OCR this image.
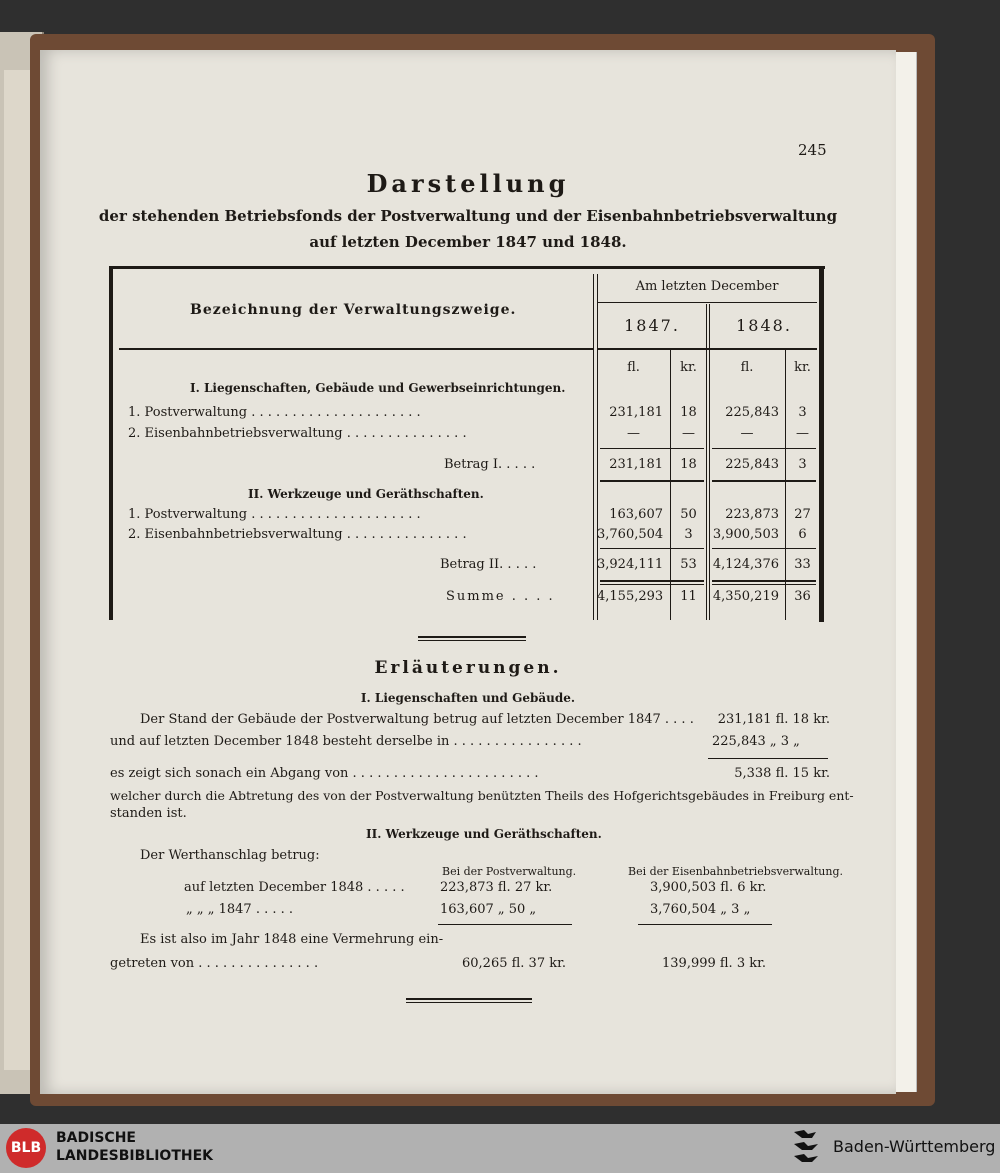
245
Darstellung
der stehenden Betriebsfonds der Postverwaltung und der Eisenbahnbetriebsverwaltung
auf letzten December 1847 und 1848.
Bezeichnung der Verwaltungszweige.
Am letzten December
1847.	1848.
fl.	kr.	fl.	kr.
I. Liegenschaften, Gebäude und Gewerbseinrichtungen.
1. Postverwaltung . . . . . . . . . . . . . . . . . . . . .	231,181	18	225,843	3
2. Eisenbahnbetriebsverwaltung . . . . . . . . . . . . . . .	—	—	—	—
Betrag I. . . . .	231,181	18	225,843	3
II. Werkzeuge und Geräthschaften.
1. Postverwaltung . . . . . . . . . . . . . . . . . . . . .	163,607	50	223,873	27
2. Eisenbahnbetriebsverwaltung . . . . . . . . . . . . . . .	3,760,504	3	3,900,503	6
Betrag II. . . . .	3,924,111	53	4,124,376	33
Summe . . . .	4,155,293	11	4,350,219	36
Erläuterungen.
I. Liegenschaften und Gebäude.
Der Stand der Gebäude der Postverwaltung betrug auf letzten December 1847 . . . .	231,181 fl. 18 kr.
und auf letzten December 1848 besteht derselbe in . . . . . . . . . . . . . . . .	225,843 „ 3 „
es zeigt sich sonach ein Abgang von . . . . . . . . . . . . . . . . . . . . . . .	5,338 fl. 15 kr.
welcher durch die Abtretung des von der Postverwaltung benützten Theils des Hofgerichtsgebäudes in Freiburg ent-
standen ist.
II. Werkzeuge und Geräthschaften.
Der Werthanschlag betrug:
Bei der Postverwaltung.	Bei der Eisenbahnbetriebsverwaltung.
auf letzten December 1848 . . . . .	223,873 fl. 27 kr.	3,900,503 fl. 6 kr.
„ „ „ 1847 . . . . .	163,607 „ 50 „	3,760,504 „ 3 „
Es ist also im Jahr 1848 eine Vermehrung ein-
getreten von . . . . . . . . . . . . . . .	60,265 fl. 37 kr.	139,999 fl. 3 kr.
BLB
BADISCHE
LANDESBIBLIOTHEK	Baden-Württemberg
